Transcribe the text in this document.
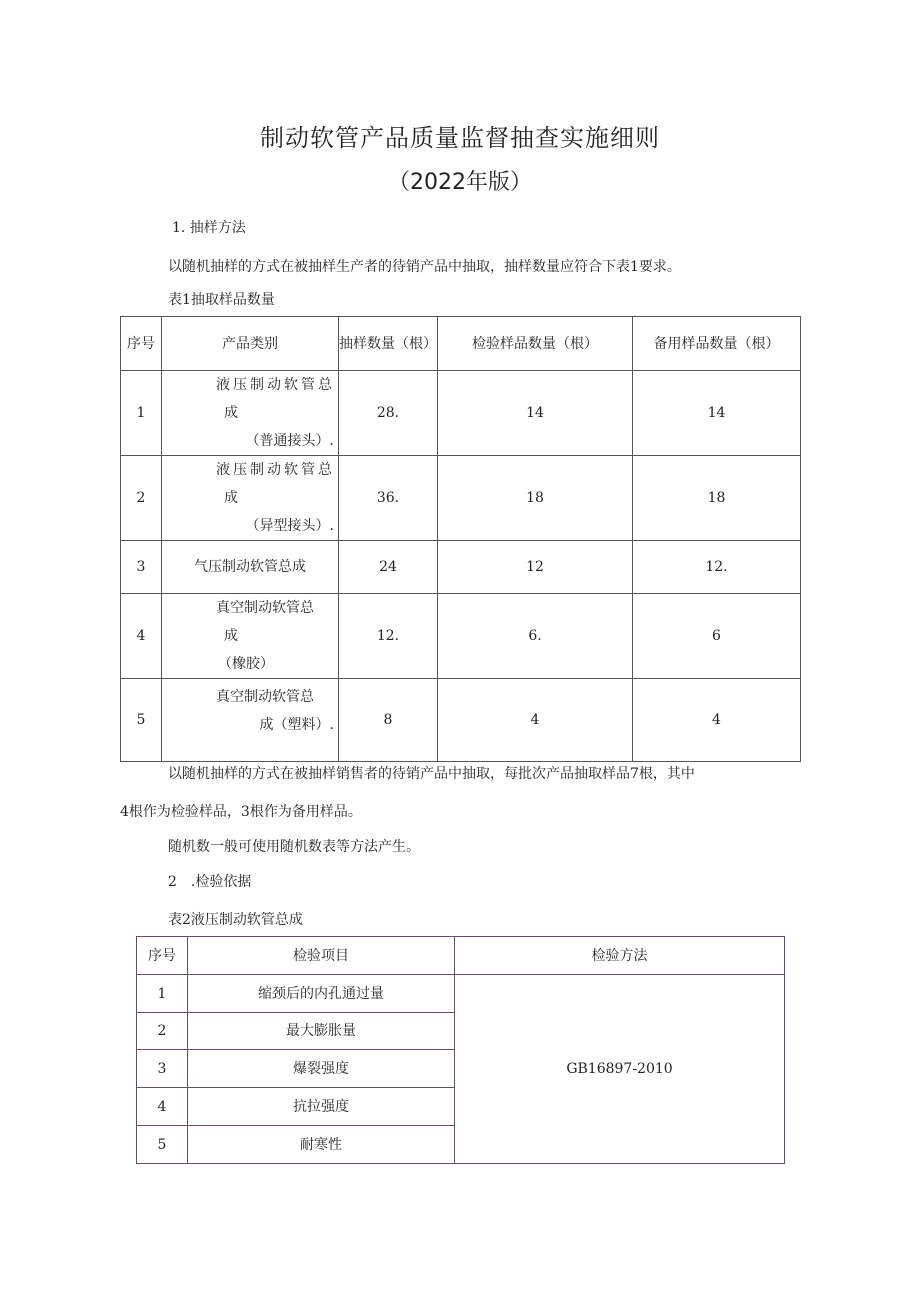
制动软管产品质量监督抽查实施细则
（2022年版）
1. 抽样方法
以随机抽样的方式在被抽样生产者的待销产品中抽取，抽样数量应符合下表1要求。
表1抽取样品数量
序号	产品类别	抽样数量（根）	检验样品数量（根）	备用样品数量（根）
1	液压制动软管总
成
（普通接头）.	28.	14	14
2	液压制动软管总
成
（异型接头）.	36.	18	18
3	气压制动软管总成	24	12	12.
4	真空制动软管总
成
（橡胶）	12.	6.	6
5	真空制动软管总
成（塑料）.	8	4	4
以随机抽样的方式在被抽样销售者的待销产品中抽取，每批次产品抽取样品7根，其中
4根作为检验样品，3根作为备用样品。
随机数一般可使用随机数表等方法产生。
2　.检验依据
表2液压制动软管总成
序号	检验项目	检验方法
1	缩颈后的内孔通过量	GB16897-2010
2	最大膨胀量	
3	爆裂强度	
4	抗拉强度	
5	耐寒性	
